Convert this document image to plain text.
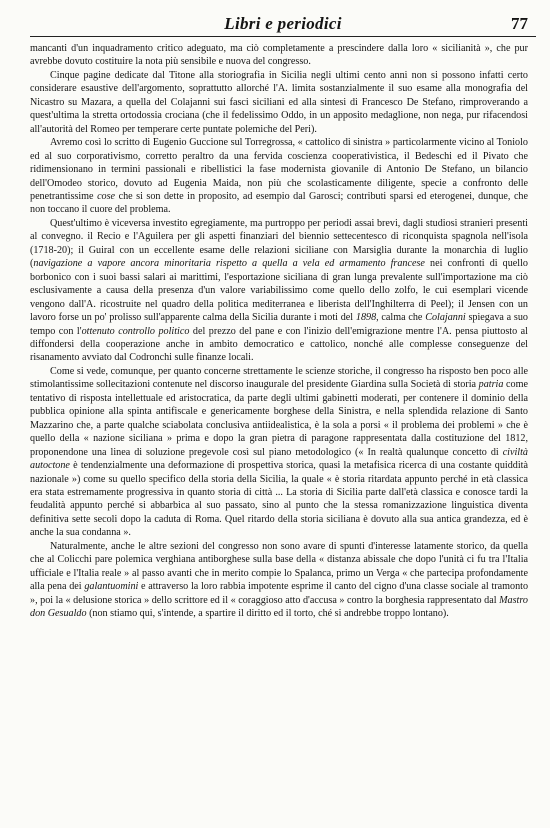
Libri e periodici	77

mancanti d'un inquadramento critico adeguato, ma ciò completamente a prescindere dalla loro « sicilianità », che pur avrebbe dovuto costituire la nota più sensibile e nuova del congresso.

Cinque pagine dedicate dal Titone alla storiografia in Sicilia negli ultimi cento anni non si possono infatti certo considerare esaustive dell'argomento, soprattutto allorché l'A. limita sostanzialmente il suo esame alla monografia del Nicastro su Mazara, a quella del Colajanni sui fasci siciliani ed alla sintesi di Francesco De Stefano, rimproverando a quest'ultima la stretta ortodossia crociana (che il fedelissimo Oddo, in un apposito medaglione, non nega, pur rifacendosi all'autorità del Romeo per temperare certe puntate polemiche del Peri).

Avremo così lo scritto di Eugenio Guccione sul Torregrossa, « cattolico di sinistra » particolarmente vicino al Toniolo ed al suo corporativismo, corretto peraltro da una fervida coscienza cooperativistica, il Bedeschi ed il Pivato che ridimensionano in termini passionali e ribellistici la fase modernista giovanile di Antonio De Stefano, un bilancio dell'Omodeo storico, dovuto ad Eugenia Maida, non più che scolasticamente diligente, specie a confronto delle penetrantissime cose che si son dette in proposito, ad esempio dal Garosci; contributi sparsi ed eterogenei, dunque, che non toccano il cuore del problema.

Quest'ultimo è viceversa investito egregiamente, ma purtroppo per periodi assai brevi, dagli studiosi stranieri presenti al convegno. il Recio e l'Aguilera per gli aspetti finanziari del biennio settecentesco di riconquista spagnola nell'isola (1718-20); il Guiral con un eccellente esame delle relazioni siciliane con Marsiglia durante la monarchia di luglio (navigazione a vapore ancora minoritaria rispetto a quella a vela ed armamento francese nei confronti di quello borbonico con i suoi bassi salari ai marittimi, l'esportazione siciliana di gran lunga prevalente sull'importazione ma ciò esclusivamente a causa della presenza d'un valore variabilissimo come quello dello zolfo, le cui esemplari vicende vengono dall'A. ricostruite nel quadro della politica mediterranea e liberista dell'Inghilterra di Peel); il Jensen con un lavoro forse un po' prolisso sull'apparente calma della Sicilia durante i moti del 1898, calma che Colajanni spiegava a suo tempo con l'ottenuto controllo politico del prezzo del pane e con l'inizio dell'emigrazione mentre l'A. pensa piuttosto al diffondersi della cooperazione anche in ambito democratico e cattolico, nonché alle complesse conseguenze del risanamento avviato dal Codronchi sulle finanze locali.

Come si vede, comunque, per quanto concerne strettamente le scienze storiche, il congresso ha risposto ben poco alle stimolantissime sollecitazioni contenute nel discorso inaugurale del presidente Giardina sulla Società di storia patria come tentativo di risposta intellettuale ed aristocratica, da parte degli ultimi gabinetti moderati, per contenere il dominio della pubblica opinione alla spinta antifiscale e genericamente borghese della Sinistra, e nella splendida relazione di Santo Mazzarino che, a parte qualche sciabolata conclusiva antiidealistica, è la sola a porsi « il problema dei problemi » che è quello della « nazione siciliana » prima e dopo la gran pietra di paragone rappresentata dalla costituzione del 1812, proponendone una linea di soluzione pregevole così sul piano metodologico (« In realtà qualunque concetto di civiltà autoctone è tendenzialmente una deformazione di prospettiva storica, quasi la metafisica ricerca di una costante quiddità nazionale ») come su quello specifico della storia della Sicilia, la quale « è storia ritardata appunto perché in età classica era stata estremamente progressiva in quanto storia di città ... La storia di Sicilia parte dall'età classica e conosce tardi la feudalità appunto perché si abbarbica al suo passato, sino al punto che la stessa romanizzazione linguistica diventa definitiva sette secoli dopo la caduta di Roma. Quel ritardo della storia siciliana è dovuto alla sua antica grandezza, ed è anche la sua condanna ».

Naturalmente, anche le altre sezioni del congresso non sono avare di spunti d'interesse latamente storico, da quella che al Colicchi pare polemica verghiana antiborghese sulla base della « distanza abissale che dopo l'unità ci fu tra l'Italia ufficiale e l'Italia reale » al passo avanti che in merito compie lo Spalanca, primo un Verga « che partecipa profondamente alla pena dei galantuomini e attraverso la loro rabbia impotente esprime il canto del cigno d'una classe sociale al tramonto », poi la « delusione storica » dello scrittore ed il « coraggioso atto d'accusa » contro la borghesia rappresentato dal Mastro don Gesualdo (non stiamo qui, s'intende, a spartire il diritto ed il torto, ché si andrebbe troppo lontano).
